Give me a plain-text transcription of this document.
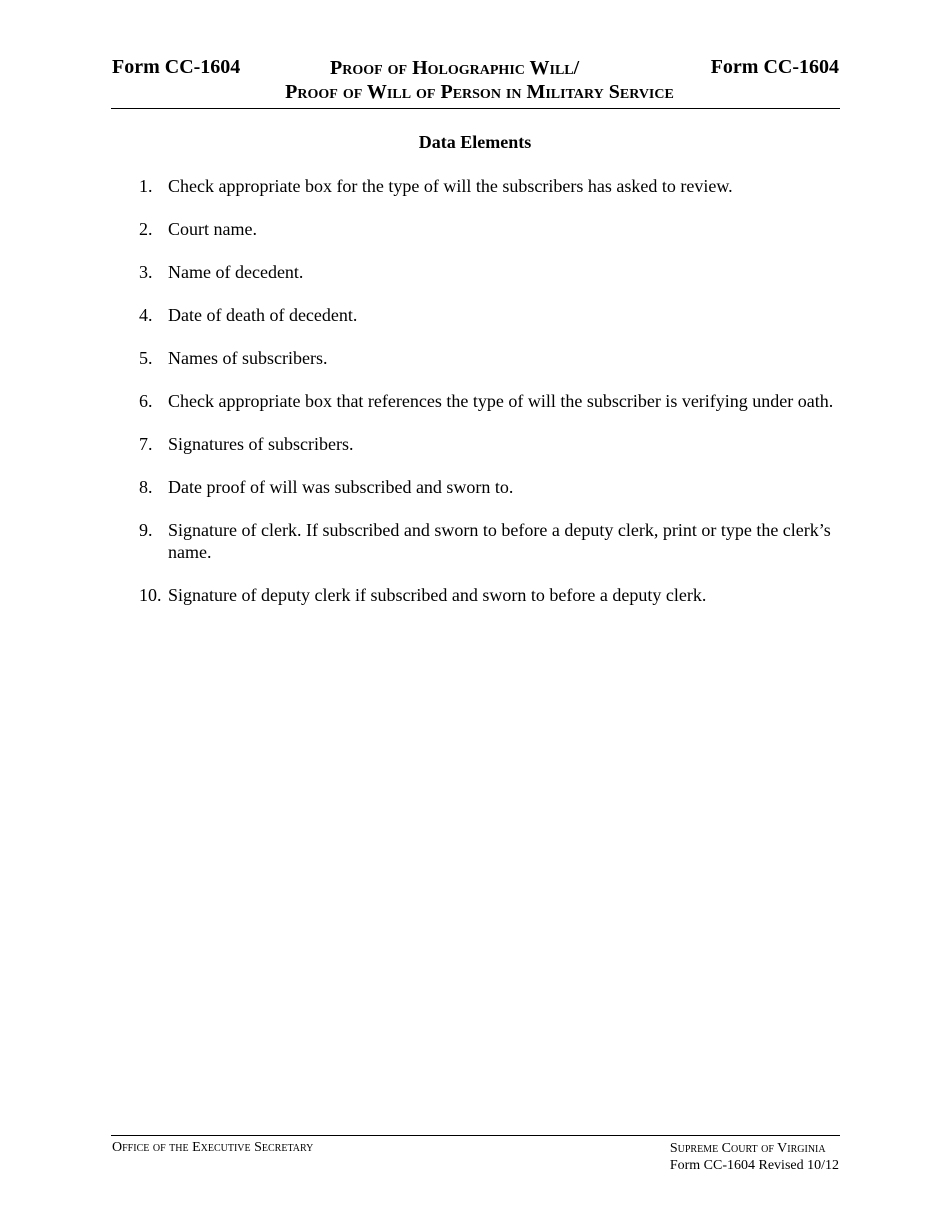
Form CC-1604	Proof of Holographic Will/	Form CC-1604
Proof of Will of Person in Military Service
Data Elements
1. Check appropriate box for the type of will the subscribers has asked to review.
2. Court name.
3. Name of decedent.
4. Date of death of decedent.
5. Names of subscribers.
6. Check appropriate box that references the type of will the subscriber is verifying under oath.
7. Signatures of subscribers.
8. Date proof of will was subscribed and sworn to.
9. Signature of clerk. If subscribed and sworn to before a deputy clerk, print or type the clerk’s name.
10. Signature of deputy clerk if subscribed and sworn to before a deputy clerk.
Office of the Executive Secretary	Supreme Court of Virginia
Form CC-1604 Revised 10/12
